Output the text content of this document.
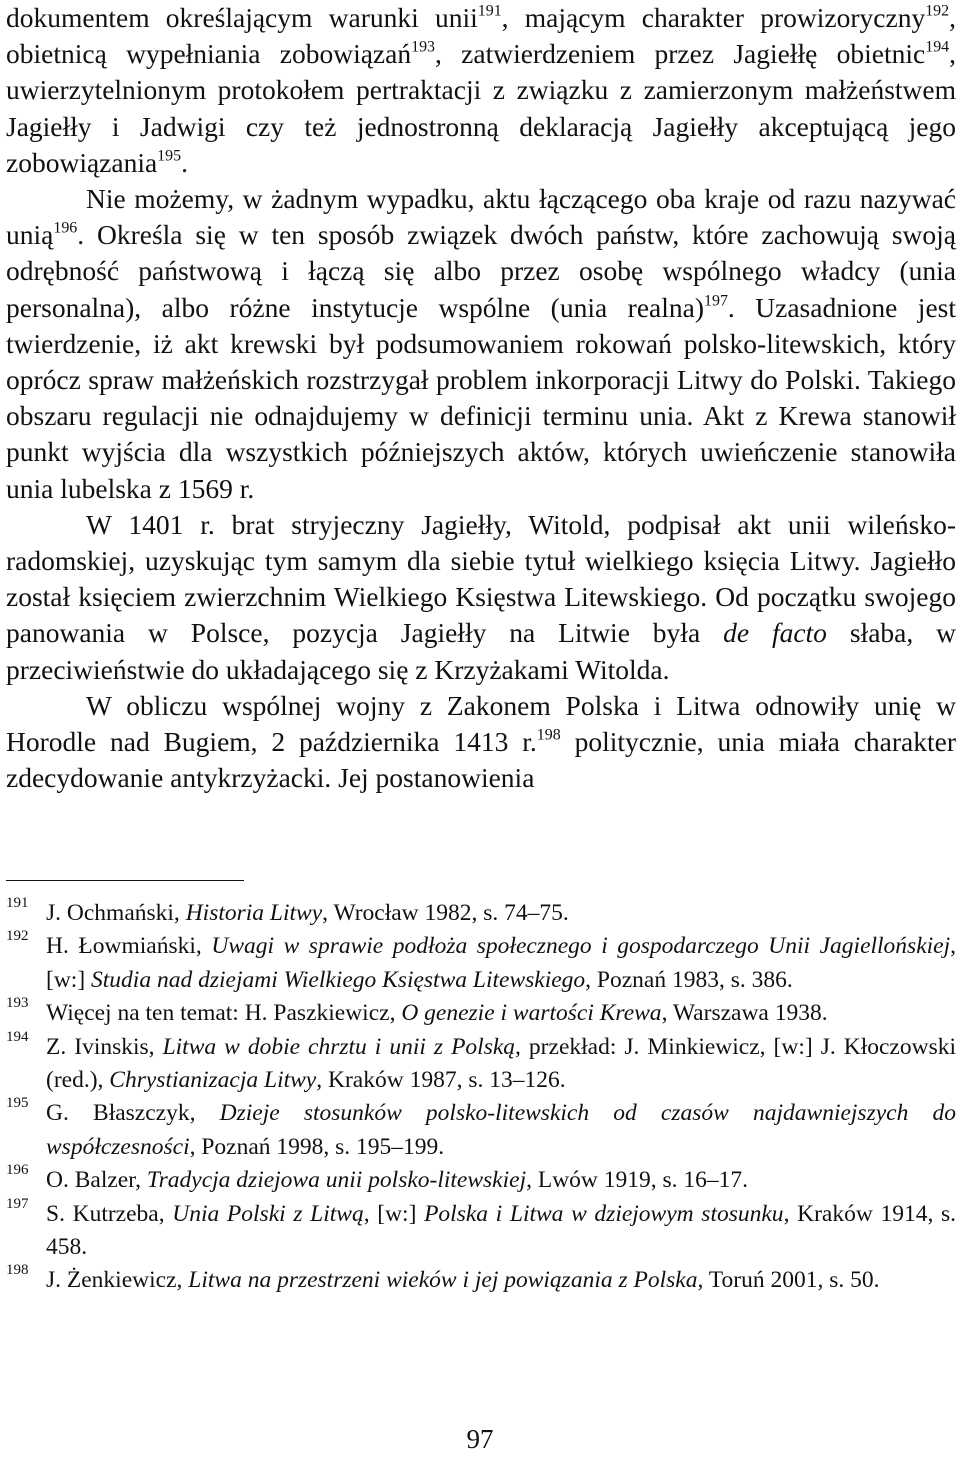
dokumentem określającym warunki unii$^{191}$, mającym charakter prowizoryczny$^{192}$, obietnicą wypełniania zobowiązań$^{193}$, zatwierdzeniem przez Jagiełłę obietnic$^{194}$, uwierzytelnionym protokołem pertraktacji z związku z zamierzonym małżeństwem Jagiełły i Jadwigi czy też jednostronną deklaracją Jagiełły akceptującą jego zobowiązania$^{195}$.

Nie możemy, w żadnym wypadku, aktu łączącego oba kraje od razu nazywać unią$^{196}$. Określa się w ten sposób związek dwóch państw, które zachowują swoją odrębność państwową i łączą się albo przez osobę wspólnego władcy (unia personalna), albo różne instytucje wspólne (unia realna)$^{197}$. Uzasadnione jest twierdzenie, iż akt krewski był podsumowaniem rokowań polsko-litewskich, który oprócz spraw małżeńskich rozstrzygał problem inkorporacji Litwy do Polski. Takiego obszaru regulacji nie odnajdujemy w definicji terminu unia. Akt z Krewa stanowił punkt wyjścia dla wszystkich późniejszych aktów, których uwieńczenie stanowiła unia lubelska z 1569 r.

W 1401 r. brat stryjeczny Jagiełły, Witold, podpisał akt unii wileńsko-radomskiej, uzyskując tym samym dla siebie tytuł wielkiego księcia Litwy. Jagiełło został księciem zwierzchnim Wielkiego Księstwa Litewskiego. Od początku swojego panowania w Polsce, pozycja Jagiełły na Litwie była de facto słaba, w przeciwieństwie do układającego się z Krzyżakami Witolda.

W obliczu wspólnej wojny z Zakonem Polska i Litwa odnowiły unię w Horodle nad Bugiem, 2 października 1413 r.$^{198}$ politycznie, unia miała charakter zdecydowanie antykrzyżacki. Jej postanowienia

191 J. Ochmański, Historia Litwy, Wrocław 1982, s. 74–75.
192 H. Łowmiański, Uwagi w sprawie podłoża społecznego i gospodarczego Unii Jagiellońskiej, [w:] Studia nad dziejami Wielkiego Księstwa Litewskiego, Poznań 1983, s. 386.
193 Więcej na ten temat: H. Paszkiewicz, O genezie i wartości Krewa, Warszawa 1938.
194 Z. Ivinskis, Litwa w dobie chrztu i unii z Polską, przekład: J. Minkiewicz, [w:] J. Kłoczowski (red.), Chrystianizacja Litwy, Kraków 1987, s. 13–126.
195 G. Błaszczyk, Dzieje stosunków polsko-litewskich od czasów najdawniejszych do współczesności, Poznań 1998, s. 195–199.
196 O. Balzer, Tradycja dziejowa unii polsko-litewskiej, Lwów 1919, s. 16–17.
197 S. Kutrzeba, Unia Polski z Litwą, [w:] Polska i Litwa w dziejowym stosunku, Kraków 1914, s. 458.
198 J. Żenkiewicz, Litwa na przestrzeni wieków i jej powiązania z Polska, Toruń 2001, s. 50.
97
